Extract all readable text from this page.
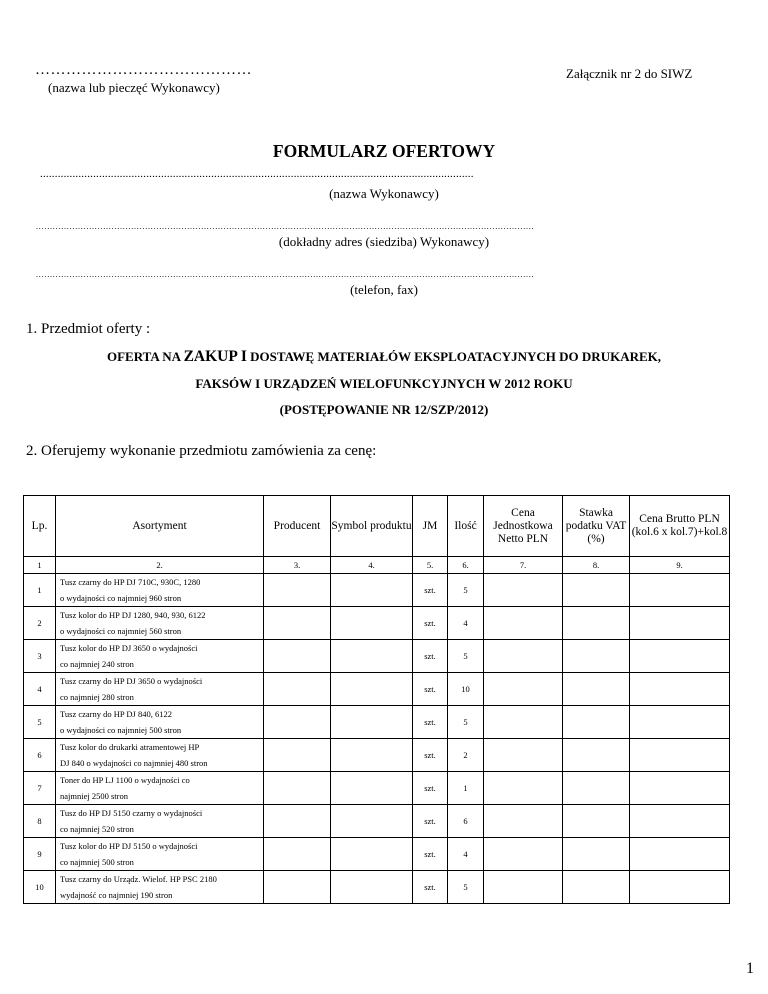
……………………………………
(nazwa lub pieczęć Wykonawcy)
Załącznik nr 2 do SIWZ
FORMULARZ OFERTOWY
...................................................................................................................................................
(nazwa Wykonawcy)
..................................................................................................................................................................................
(dokładny adres (siedziba) Wykonawcy)
..................................................................................................................................................................................
(telefon, fax)
1. Przedmiot oferty :
OFERTA NA ZAKUP I DOSTAWĘ MATERIAŁÓW EKSPLOATACYJNYCH DO DRUKAREK,
FAKSÓW I URZĄDZEŃ WIELOFUNKCYJNYCH W 2012 ROKU
(POSTĘPOWANIE NR 12/SZP/2012)
2. Oferujemy wykonanie przedmiotu zamówienia za cenę:
Lp.	Asortyment	Producent	Symbol produktu	JM	Ilość	Cena Jednostkowa Netto PLN	Stawka podatku VAT (%)	Cena Brutto PLN (kol.6 x kol.7)+kol.8
1	2.	3.	4.	5.	6.	7.	8.	9.
1	Tusz czarny do HP DJ 710C, 930C, 1280
o wydajności co najmniej 960 stron			szt.	5			
2	Tusz kolor do HP DJ 1280, 940, 930, 6122
o wydajności co najmniej 560 stron			szt.	4			
3	Tusz kolor do HP DJ 3650 o wydajności
co najmniej 240 stron			szt.	5			
4	Tusz czarny do HP DJ 3650 o wydajności
co najmniej 280 stron			szt.	10			
5	Tusz czarny do HP DJ 840, 6122
o wydajności co najmniej 500 stron			szt.	5			
6	Tusz kolor do drukarki atramentowej HP
DJ 840 o wydajności co najmniej 480 stron			szt.	2			
7	Toner do HP LJ 1100 o wydajności co
najmniej 2500 stron			szt.	1			
8	Tusz do HP DJ 5150 czarny o wydajności
co najmniej 520 stron			szt.	6			
9	Tusz kolor do HP DJ 5150 o wydajności
co najmniej 500 stron			szt.	4			
10	Tusz czarny do Urządz. Wielof. HP PSC 2180
wydajność co najmniej 190 stron			szt.	5			
1
